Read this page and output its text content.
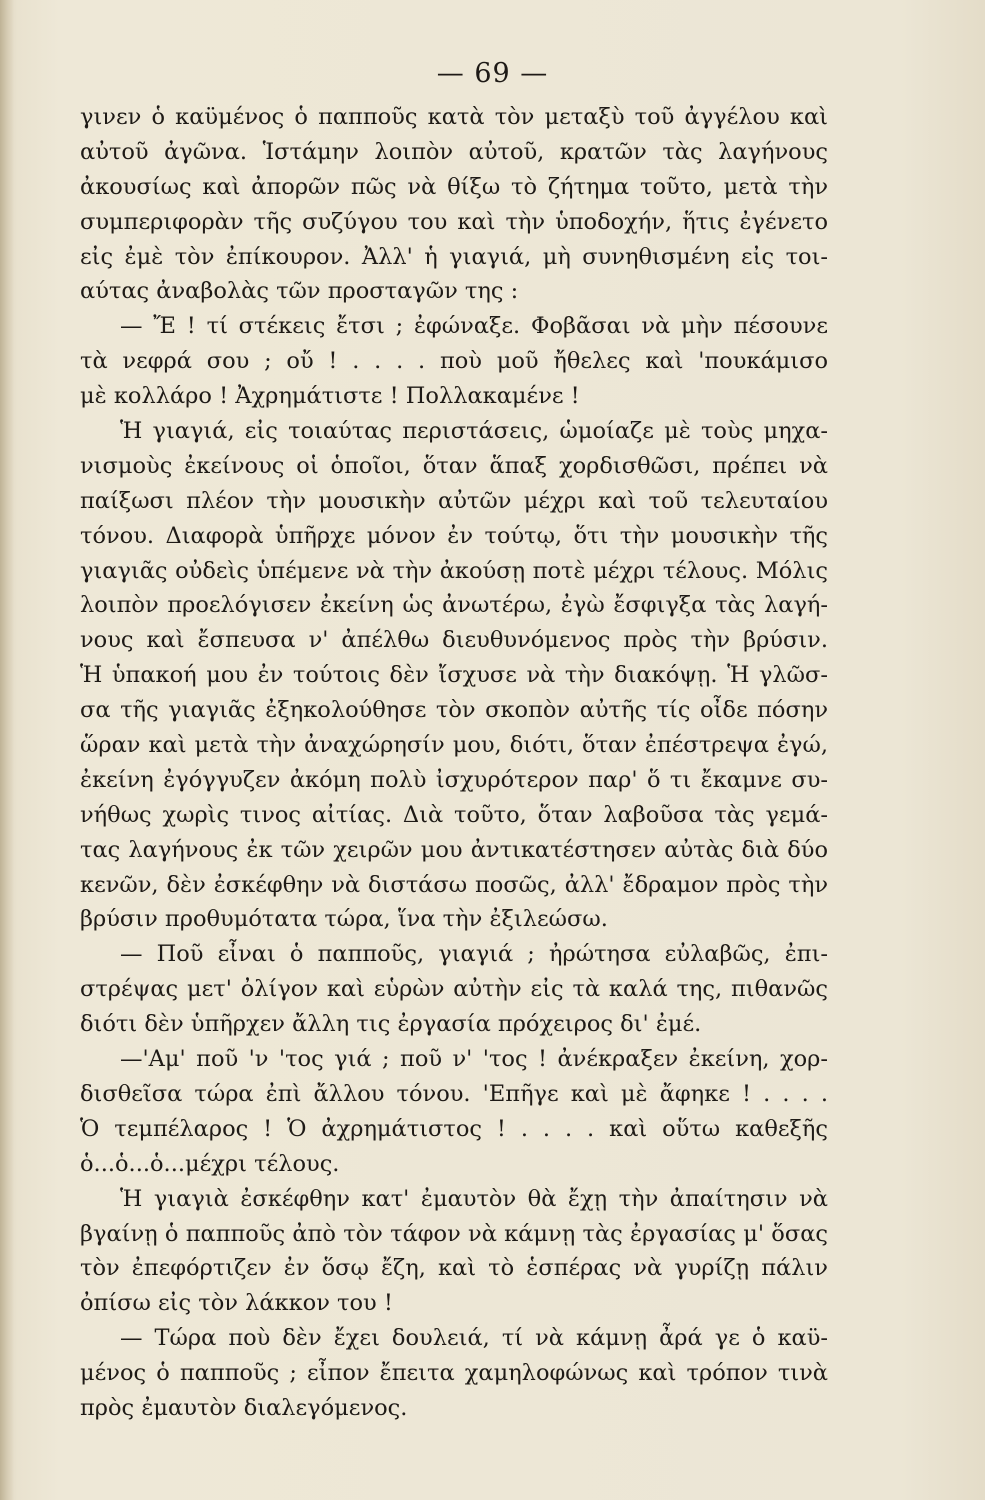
— 69 —
γινεν ὁ καϋμένος ὁ παπποῦς κατὰ τὸν μεταξὺ τοῦ ἀγγέλου καὶ
αὐτοῦ ἀγῶνα. Ἱστάμην λοιπὸν αὐτοῦ, κρατῶν τὰς λαγήνους
ἀκουσίως καὶ ἀπορῶν πῶς νὰ θίξω τὸ ζήτημα τοῦτο, μετὰ τὴν
συμπεριφορὰν τῆς συζύγου του καὶ τὴν ὑποδοχήν, ἥτις ἐγένετο
εἰς ἐμὲ τὸν ἐπίκουρον. Ἀλλ' ἡ γιαγιά, μὴ συνηθισμένη εἰς τοι-
αύτας ἀναβολὰς τῶν προσταγῶν της :
— Ἔ ! τί στέκεις ἔτσι ; ἐφώναξε. Φοβᾶσαι νὰ μὴν πέσουνε
τὰ νεφρά σου ; οὔ ! . . . . ποὺ μοῦ ἤθελες καὶ 'πουκάμισο
μὲ κολλάρο ! Ἀχρημάτιστε ! Πολλακαμένε !
Ἡ γιαγιά, εἰς τοιαύτας περιστάσεις, ὡμοίαζε μὲ τοὺς μηχα-
νισμοὺς ἐκείνους οἱ ὁποῖοι, ὅταν ἅπαξ χορδισθῶσι, πρέπει νὰ
παίξωσι πλέον τὴν μουσικὴν αὐτῶν μέχρι καὶ τοῦ τελευταίου
τόνου. Διαφορὰ ὑπῆρχε μόνον ἐν τούτῳ, ὅτι τὴν μουσικὴν τῆς
γιαγιᾶς οὐδεὶς ὑπέμενε νὰ τὴν ἀκούσῃ ποτὲ μέχρι τέλους. Μόλις
λοιπὸν προελόγισεν ἐκείνη ὡς ἀνωτέρω, ἐγὼ ἔσφιγξα τὰς λαγή-
νους καὶ ἔσπευσα ν' ἀπέλθω διευθυνόμενος πρὸς τὴν βρύσιν.
Ἡ ὑπακοή μου ἐν τούτοις δὲν ἴσχυσε νὰ τὴν διακόψῃ. Ἡ γλῶσ-
σα τῆς γιαγιᾶς ἐξηκολούθησε τὸν σκοπὸν αὐτῆς τίς οἶδε πόσην
ὥραν καὶ μετὰ τὴν ἀναχώρησίν μου, διότι, ὅταν ἐπέστρεψα ἐγώ,
ἐκείνη ἐγόγγυζεν ἀκόμη πολὺ ἰσχυρότερον παρ' ὅ τι ἔκαμνε συ-
νήθως χωρὶς τινος αἰτίας. Διὰ τοῦτο, ὅταν λαβοῦσα τὰς γεμά-
τας λαγήνους ἐκ τῶν χειρῶν μου ἀντικατέστησεν αὐτὰς διὰ δύο
κενῶν, δὲν ἐσκέφθην νὰ διστάσω ποσῶς, ἀλλ' ἔδραμον πρὸς τὴν
βρύσιν προθυμότατα τώρα, ἵνα τὴν ἐξιλεώσω.
— Ποῦ εἶναι ὁ παπποῦς, γιαγιά ; ἠρώτησα εὐλαβῶς, ἐπι-
στρέψας μετ' ὀλίγον καὶ εὑρὼν αὐτὴν εἰς τὰ καλά της, πιθανῶς
διότι δὲν ὑπῆρχεν ἄλλη τις ἐργασία πρόχειρος δι' ἐμέ.
—'Αμ' ποῦ 'ν 'τος γιά ; ποῦ ν' 'τος ! ἀνέκραξεν ἐκείνη, χορ-
δισθεῖσα τώρα ἐπὶ ἄλλου τόνου. 'Επῆγε καὶ μὲ ἄφηκε ! . . . .
Ὁ τεμπέλαρος ! Ὁ ἀχρημάτιστος ! . . . . καὶ οὕτω καθεξῆς
ὁ...ὁ...ὁ...μέχρι τέλους.
Ἡ γιαγιὰ ἐσκέφθην κατ' ἐμαυτὸν θὰ ἔχῃ τὴν ἀπαίτησιν νὰ
βγαίνῃ ὁ παπποῦς ἀπὸ τὸν τάφον νὰ κάμνῃ τὰς ἐργασίας μ' ὅσας
τὸν ἐπεφόρτιζεν ἐν ὅσῳ ἔζη, καὶ τὸ ἑσπέρας νὰ γυρίζῃ πάλιν
ὀπίσω εἰς τὸν λάκκον του !
— Τώρα ποὺ δὲν ἔχει δουλειά, τί νὰ κάμνῃ ἆρά γε ὁ καϋ-
μένος ὁ παπποῦς ; εἶπον ἔπειτα χαμηλοφώνως καὶ τρόπον τινὰ
πρὸς ἐμαυτὸν διαλεγόμενος.
